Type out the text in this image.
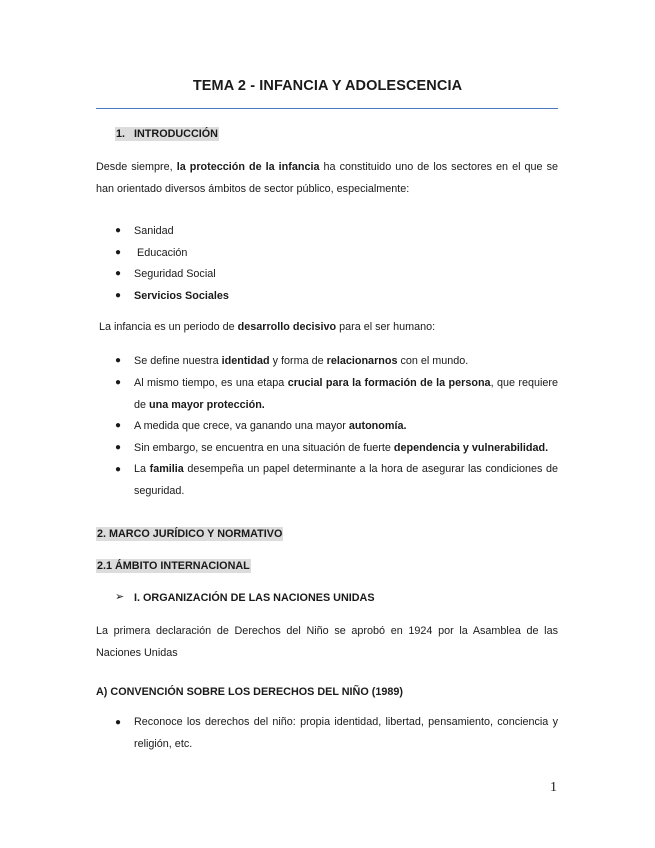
TEMA 2 - INFANCIA Y ADOLESCENCIA
1.   INTRODUCCIÓN
Desde siempre, la protección de la infancia ha constituido uno de los sectores en el que se han orientado diversos ámbitos de sector público, especialmente:
● Sanidad
● Educación
● Seguridad Social
● Servicios Sociales
La infancia es un periodo de desarrollo decisivo para el ser humano:
● Se define nuestra identidad y forma de relacionarnos con el mundo.
● Al mismo tiempo, es una etapa crucial para la formación de la persona, que requiere de una mayor protección.
● A medida que crece, va ganando una mayor autonomía.
● Sin embargo, se encuentra en una situación de fuerte dependencia y vulnerabilidad.
● La familia desempeña un papel determinante a la hora de asegurar las condiciones de seguridad.
2. MARCO JURÍDICO Y NORMATIVO
2.1 ÁMBITO INTERNACIONAL
➢ I. ORGANIZACIÓN DE LAS NACIONES UNIDAS
La primera declaración de Derechos del Niño se aprobó en 1924 por la Asamblea de las Naciones Unidas
A) CONVENCIÓN SOBRE LOS DERECHOS DEL NIÑO (1989)
● Reconoce los derechos del niño: propia identidad, libertad, pensamiento, conciencia y religión, etc.
1
